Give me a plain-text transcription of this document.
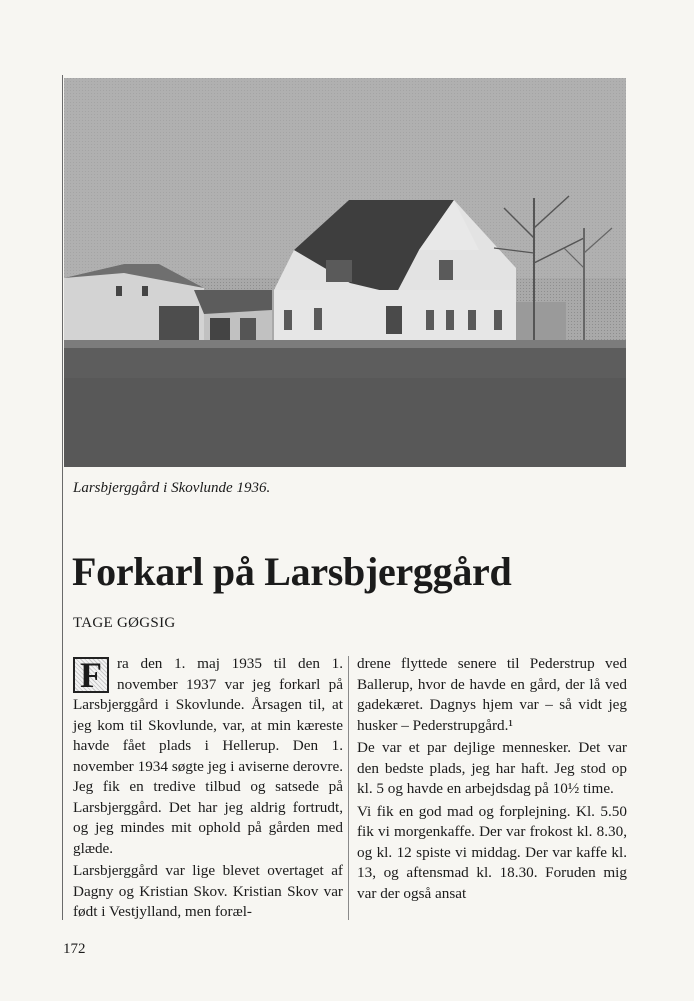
Larsbjerggård i Skovlunde 1936.
Forkarl på Larsbjerggård
TAGE GØGSIG

F ra den 1. maj 1935 til den 1. november 1937 var jeg forkarl på Larsbjerggård i Skovlunde. Årsagen til, at jeg kom til Skovlunde, var, at min kæreste havde fået plads i Hellerup. Den 1. november 1934 søgte jeg i aviserne derovre. Jeg fik en tredive tilbud og satsede på Larsbjerggård. Det har jeg aldrig fortrudt, og jeg mindes mit ophold på gården med glæde.

Larsbjerggård var lige blevet overtaget af Dagny og Kristian Skov. Kristian Skov var født i Vestjylland, men foræl-

drene flyttede senere til Pederstrup ved Ballerup, hvor de havde en gård, der lå ved gadekæret. Dagnys hjem var – så vidt jeg husker – Pederstrupgård.¹

De var et par dejlige mennesker. Det var den bedste plads, jeg har haft. Jeg stod op kl. 5 og havde en arbejdsdag på 10½ time.

Vi fik en god mad og forplejning. Kl. 5.50 fik vi morgenkaffe. Der var frokost kl. 8.30, og kl. 12 spiste vi middag. Der var kaffe kl. 13, og aftensmad kl. 18.30. Foruden mig var der også ansat

172
